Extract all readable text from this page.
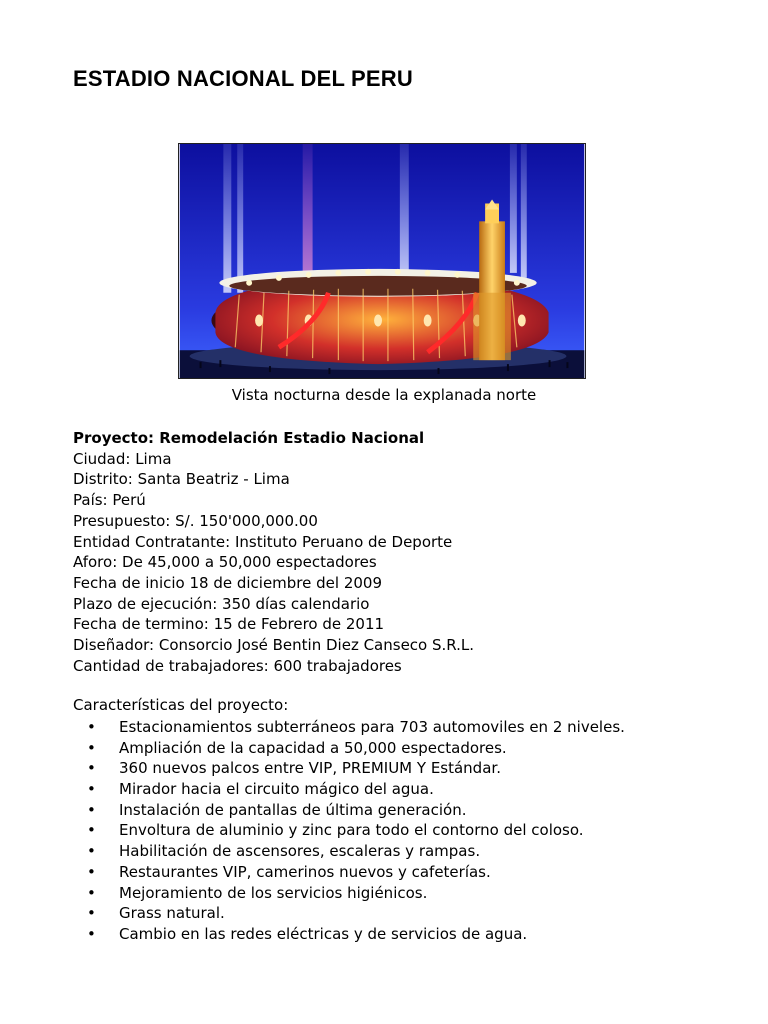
ESTADIO NACIONAL DEL PERU
Vista nocturna desde la explanada norte
Proyecto: Remodelación Estadio Nacional
Ciudad: Lima
Distrito: Santa Beatriz - Lima
País: Perú
Presupuesto: S/. 150'000,000.00
Entidad Contratante: Instituto Peruano de Deporte
Aforo: De 45,000 a 50,000 espectadores
Fecha de inicio 18 de diciembre del 2009
Plazo de ejecución: 350 días calendario
Fecha de termino: 15 de Febrero de 2011
Diseñador: Consorcio José Bentin Diez Canseco S.R.L.
Cantidad de trabajadores: 600 trabajadores
Características del proyecto:
• Estacionamientos subterráneos para 703 automoviles en 2 niveles.
• Ampliación de la capacidad a 50,000 espectadores.
• 360 nuevos palcos entre VIP, PREMIUM Y Estándar.
• Mirador hacia el circuito mágico del agua.
• Instalación de pantallas de última generación.
• Envoltura de aluminio y zinc para todo el contorno del coloso.
• Habilitación de ascensores, escaleras y rampas.
• Restaurantes VIP, camerinos nuevos y cafeterías.
• Mejoramiento de los servicios higiénicos.
• Grass natural.
• Cambio en las redes eléctricas y de servicios de agua.
